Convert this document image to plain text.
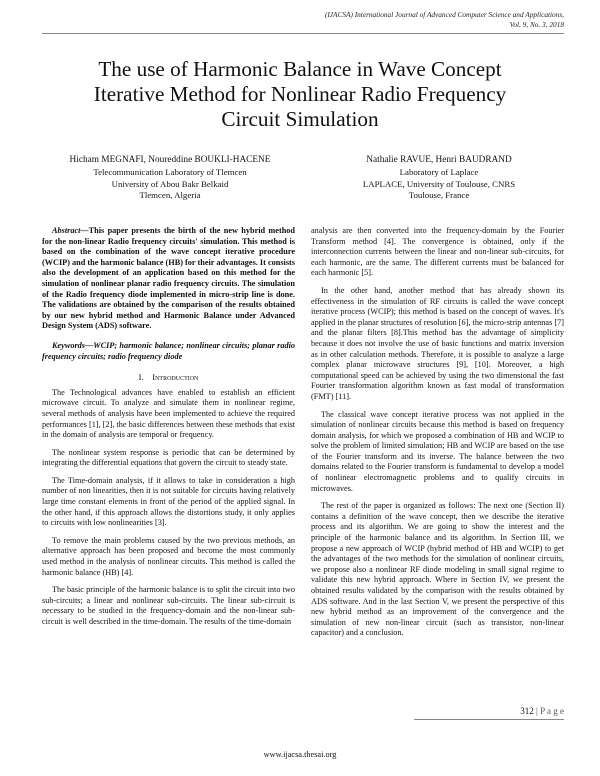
(IJACSA) International Journal of Advanced Computer Science and Applications,
Vol. 9, No. 3, 2018
The use of Harmonic Balance in Wave Concept
Iterative Method for Nonlinear Radio Frequency
Circuit Simulation
Hicham MEGNAFI, Noureddine BOUKLI-HACENE
Telecommunication Laboratory of Tlemcen
University of Abou Bakr Belkaid
Tlemcen, Algeria
Nathalie RAVUE, Henri BAUDRAND
Laboratory of Laplace
LAPLACE, University of Toulouse, CNRS
Toulouse, France

Abstract—This paper presents the birth of the new hybrid method for the non-linear Radio frequency circuits' simulation. This method is based on the combination of the wave concept iterative procedure (WCIP) and the harmonic balance (HB) for their advantages. It consists also the development of an application based on this method for the simulation of nonlinear planar radio frequency circuits. The simulation of the Radio frequency diode implemented in micro-strip line is done. The validations are obtained by the comparison of the results obtained by our new hybrid method and Harmonic Balance under Advanced Design System (ADS) software.

Keywords—WCIP; harmonic balance; nonlinear circuits; planar radio frequency circuits; radio frequency diode

I. Introduction

The Technological advances have enabled to establish an efficient microwave circuit. To analyze and simulate them in nonlinear regime, several methods of analysis have been implemented to achieve the required performances [1], [2], the basic differences between these methods that exist in the domain of analysis are temporal or frequency.

The nonlinear system response is periodic that can be determined by integrating the differential equations that govern the circuit to steady state.

The Time-domain analysis, if it allows to take in consideration a high number of non linearities, then it is not suitable for circuits having relatively large time constant elements in front of the period of the applied signal. In the other hand, if this approach allows the distortions study, it only applies to circuits with low nonlinearities [3].

To remove the main problems caused by the two previous methods, an alternative approach has been proposed and become the most commonly used method in the analysis of nonlinear circuits. This method is called the harmonic balance (HB) [4].

The basic principle of the harmonic balance is to split the circuit into two sub-circuits; a linear and nonlinear sub-circuits. The linear sub-circuit is necessary to be studied in the frequency-domain and the non-linear sub-circuit is well described in the time-domain. The results of the time-domain

analysis are then converted into the frequency-domain by the Fourier Transform method [4]. The convergence is obtained, only if the interconnection currents between the linear and non-linear sub-circuits, for each harmonic, are the same. The different currents must be balanced for each harmonic [5].

In the other hand, another method that has already shown its effectiveness in the simulation of RF circuits is called the wave concept iterative process (WCIP); this method is based on the concept of waves. It's applied in the planar structures of resolution [6], the micro-strip antennas [7] and the planar filters [8].This method has the advantage of simplicity because it does not involve the use of basic functions and matrix inversion as in other calculation methods. Therefore, it is possible to analyze a large complex planar microwave structures [9], [10]. Moreover, a high computational speed can be achieved by using the two dimensional the fast Fourier transformation algorithm known as fast modal of transformation (FMT) [11].

The classical wave concept iterative process was not applied in the simulation of nonlinear circuits because this method is based on frequency domain analysis, for which we proposed a combination of HB and WCIP to solve the problem of limited simulation; HB and WCIP are based on the use of the Fourier transform and its inverse. The balance between the two domains related to the Fourier transform is fundamental to develop a model of nonlinear electromagnetic problems and to qualify circuits in microwaves.

The rest of the paper is organized as follows: The next one (Section II) contains a definition of the wave concept, then we describe the iterative process and its algorithm. We are going to show the interest and the principle of the harmonic balance and its algorithm. In Section III, we propose a new approach of WCIP (hybrid method of HB and WCIP) to get the advantages of the two methods for the simulation of nonlinear circuits, we propose also a nonlinear RF diode modeling in small signal regime to validate this new hybrid approach. Where in Section IV, we present the obtained results validated by the comparison with the results obtained by ADS software. And in the last Section V, we present the perspective of this new hybrid method as an improvement of the convergence and the simulation of new non-linear circuit (such as transistor, non-linear capacitor) and a conclusion.

312 | P a g e
www.ijacsa.thesai.org
